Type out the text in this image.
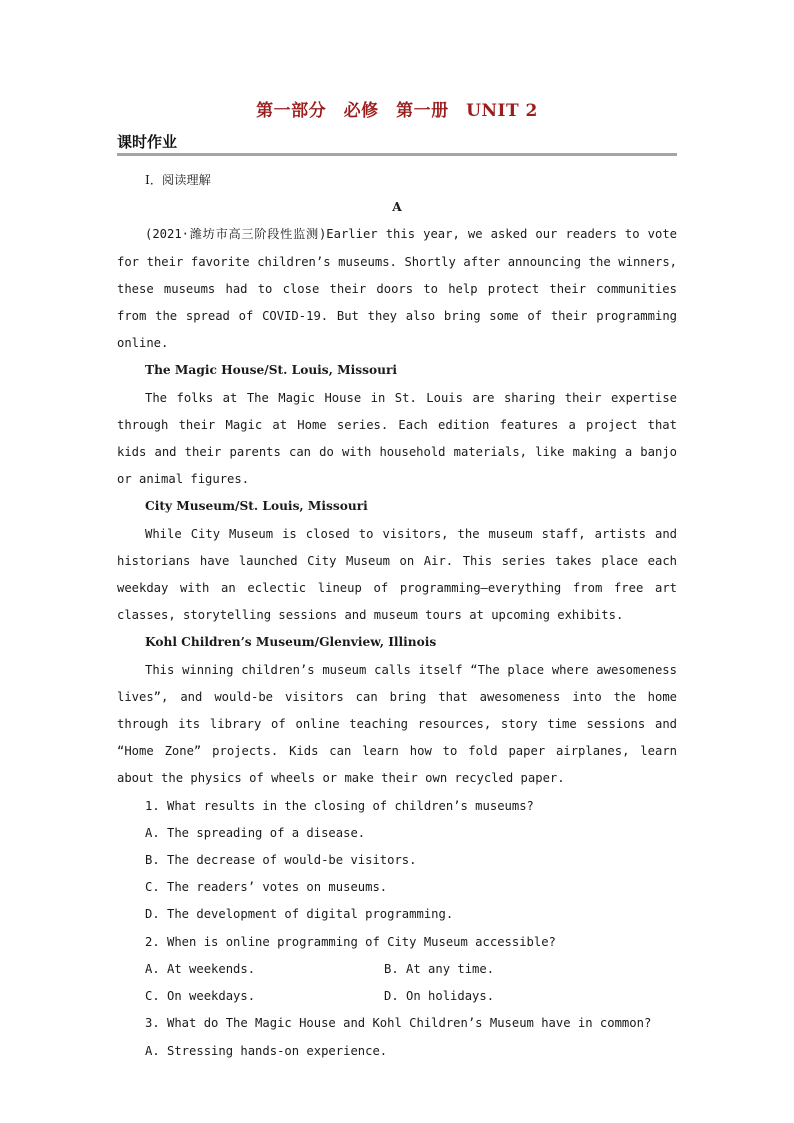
第一部分　必修　第一册　UNIT 2
课时作业

Ⅰ．阅读理解

A

(2021·潍坊市高三阶段性监测)Earlier this year, we asked our readers to vote for their favorite children’s museums. Shortly after announcing the winners, these museums had to close their doors to help protect their communities from the spread of COVID-19. But they also bring some of their programming online.

The Magic House/St. Louis, Missouri

The folks at The Magic House in St. Louis are sharing their expertise through their Magic at Home series. Each edition features a project that kids and their parents can do with household materials, like making a banjo or animal figures.

City Museum/St. Louis, Missouri

While City Museum is closed to visitors, the museum staff, artists and historians have launched City Museum on Air. This series takes place each weekday with an eclectic lineup of programming—everything from free art classes, storytelling sessions and museum tours at upcoming exhibits.

Kohl Children’s Museum/Glenview, Illinois

This winning children’s museum calls itself “The place where awesomeness lives”, and would-be visitors can bring that awesomeness into the home through its library of online teaching resources, story time sessions and “Home Zone” projects. Kids can learn how to fold paper airplanes, learn about the physics of wheels or make their own recycled paper.

1. What results in the closing of children’s museums?

A. The spreading of a disease.

B. The decrease of would-be visitors.

C. The readers’ votes on museums.

D. The development of digital programming.

2. When is online programming of City Museum accessible?

A. At weekends.	B. At any time.
C. On weekdays.	D. On holidays.

3. What do The Magic House and Kohl Children’s Museum have in common?

A. Stressing hands-on experience.
